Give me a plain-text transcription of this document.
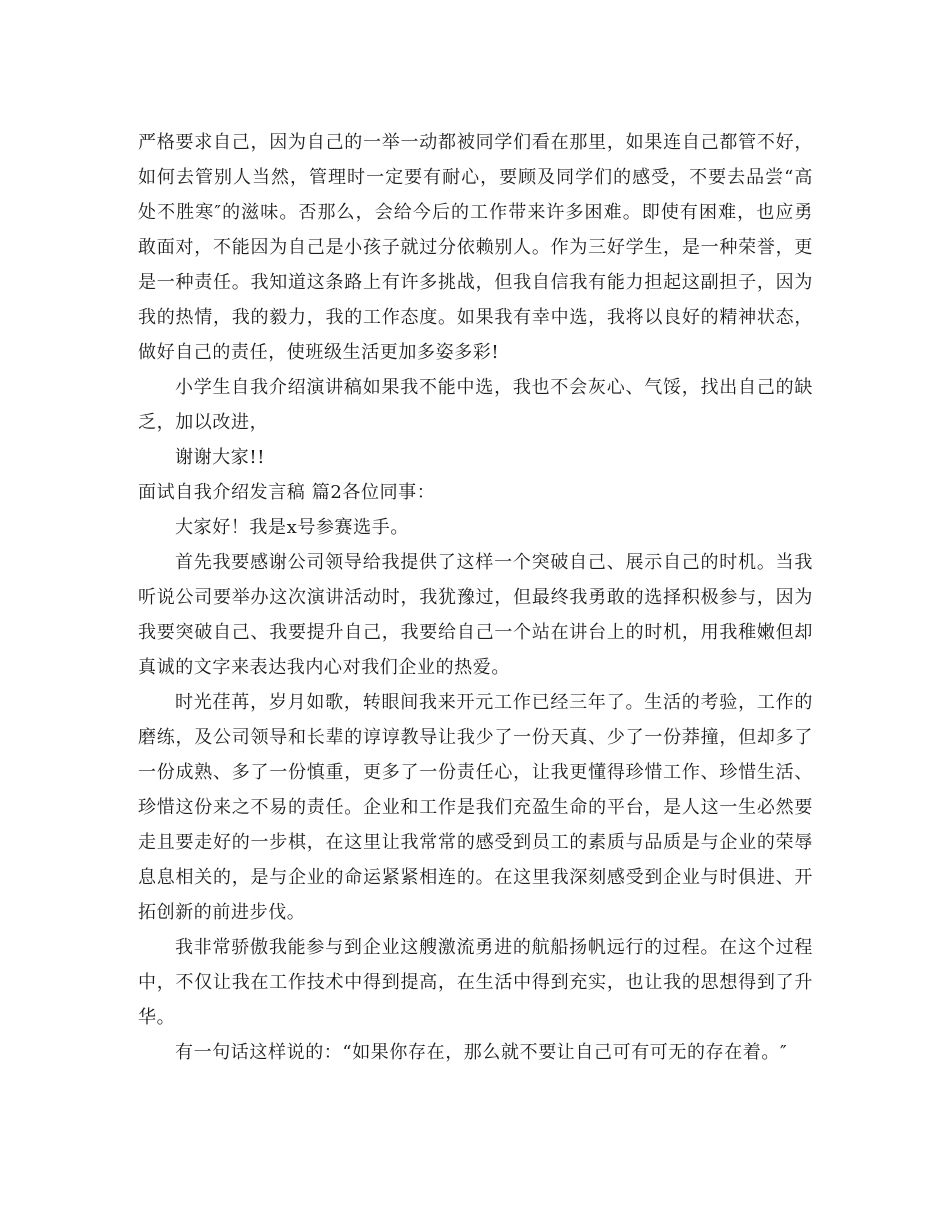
严格要求自己，因为自己的一举一动都被同学们看在那里，如果连自己都管不好，如何去管别人当然，管理时一定要有耐心，要顾及同学们的感受，不要去品尝“高处不胜寒″的滋味。否那么，会给今后的工作带来许多困难。即使有困难，也应勇敢面对，不能因为自己是小孩子就过分依赖别人。作为三好学生，是一种荣誉，更是一种责任。我知道这条路上有许多挑战，但我自信我有能力担起这副担子，因为我的热情，我的毅力，我的工作态度。如果我有幸中选，我将以良好的精神状态，做好自己的责任，使班级生活更加多姿多彩!

小学生自我介绍演讲稿如果我不能中选，我也不会灰心、气馁，找出自己的缺乏，加以改进，

谢谢大家!!

面试自我介绍发言稿 篇2各位同事：

大家好！我是x号参赛选手。

首先我要感谢公司领导给我提供了这样一个突破自己、展示自己的时机。当我听说公司要举办这次演讲活动时，我犹豫过，但最终我勇敢的选择积极参与，因为我要突破自己、我要提升自己，我要给自己一个站在讲台上的时机，用我稚嫩但却真诚的文字来表达我内心对我们企业的热爱。

时光荏苒，岁月如歌，转眼间我来开元工作已经三年了。生活的考验，工作的磨练，及公司领导和长辈的谆谆教导让我少了一份天真、少了一份莽撞，但却多了一份成熟、多了一份慎重，更多了一份责任心，让我更懂得珍惜工作、珍惜生活、珍惜这份来之不易的责任。企业和工作是我们充盈生命的平台，是人这一生必然要走且要走好的一步棋，在这里让我常常的感受到员工的素质与品质是与企业的荣辱息息相关的，是与企业的命运紧紧相连的。在这里我深刻感受到企业与时俱进、开拓创新的前进步伐。

我非常骄傲我能参与到企业这艘激流勇进的航船扬帆远行的过程。在这个过程中，不仅让我在工作技术中得到提高，在生活中得到充实，也让我的思想得到了升华。

有一句话这样说的：“如果你存在，那么就不要让自己可有可无的存在着。″
